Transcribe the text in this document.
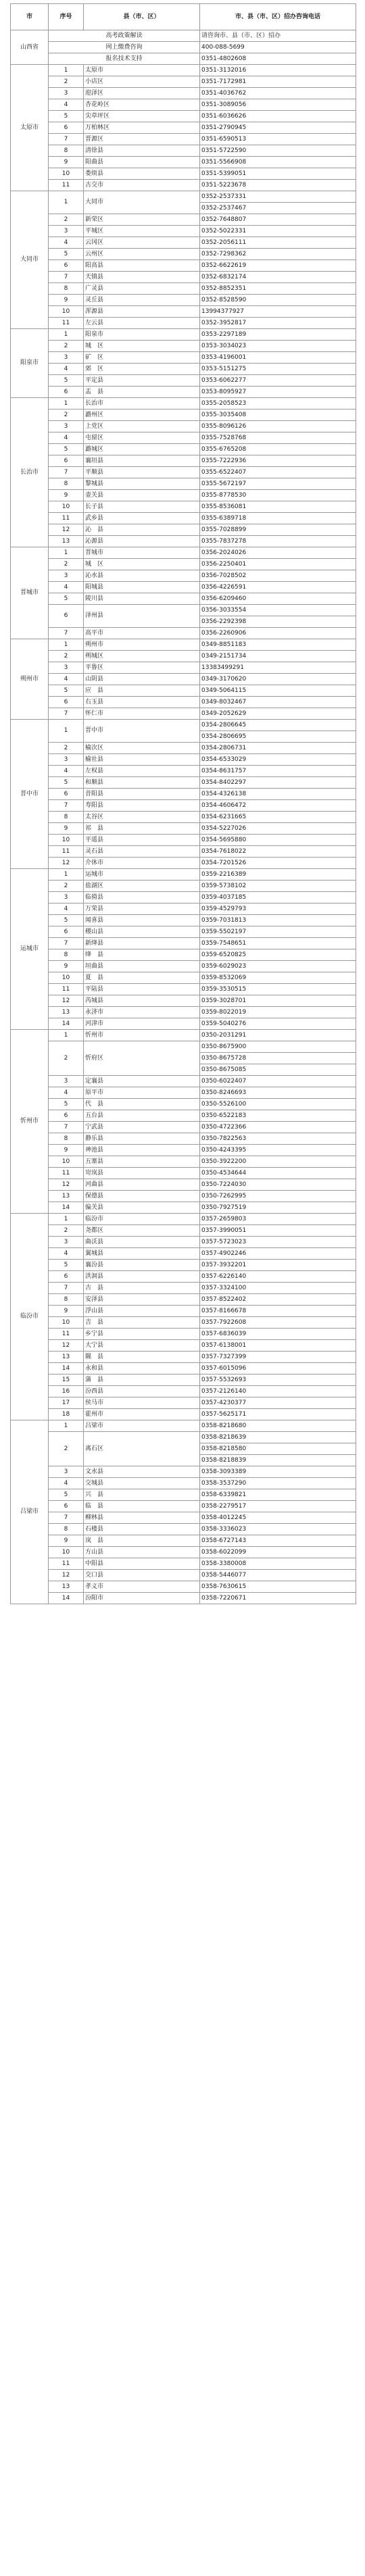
市	序号	县（市、区）	市、县（市、区）招办咨询电话
山西省	高考政策解读		请咨询市、县（市、区）招办
	网上缴费咨询		400-088-5699
	报名技术支持		0351-4802608
太原市	1	太原市	0351-3132016
	2	小店区	0351-7172981
	3	迎泽区	0351-4036762
	4	杏花岭区	0351-3089056
	5	尖草坪区	0351-6036626
	6	万柏林区	0351-2790945
	7	晋源区	0351-6590513
	8	清徐县	0351-5722590
	9	阳曲县	0351-5566908
	10	娄烦县	0351-5399051
	11	古交市	0351-5223678
大同市	1	大同市	0352-2537331
			0352-2537467
	2	新荣区	0352-7648807
	3	平城区	0352-5022331
	4	云冈区	0352-2056111
	5	云州区	0352-7298362
	6	阳高县	0352-6622619
	7	天镇县	0352-6832174
	8	广灵县	0352-8852351
	9	灵丘县	0352-8528590
	10	浑源县	13994377927
	11	左云县	0352-3952817
阳泉市	1	阳泉市	0353-2297189
	2	城　区	0353-3034023
	3	矿　区	0353-4196001
	4	郊　区	0353-5151275
	5	平定县	0353-6062277
	6	盂　县	0353-8095927
长治市	1	长治市	0355-2058523
	2	潞州区	0355-3035408
	3	上党区	0355-8096126
	4	屯留区	0355-7528768
	5	潞城区	0355-6765208
	6	襄垣县	0355-7222936
	7	平顺县	0355-6522407
	8	黎城县	0355-5672197
	9	壶关县	0355-8778530
	10	长子县	0355-8536081
	11	武乡县	0355-6389718
	12	沁　县	0355-7028899
	13	沁源县	0355-7837278
晋城市	1	晋城市	0356-2024026
	2	城　区	0356-2250401
	3	沁水县	0356-7028502
	4	阳城县	0356-4226591
	5	陵川县	0356-6209460
	6	泽州县	0356-3033554
			0356-2292398
	7	高平市	0356-2260906
朔州市	1	朔州市	0349-8851183
	2	朔城区	0349-2151734
	3	平鲁区	13383499291
	4	山阴县	0349-3170620
	5	应　县	0349-5064115
	6	右玉县	0349-8032467
	7	怀仁市	0349-2052629
晋中市	1	晋中市	0354-2806645
			0354-2806695
	2	榆次区	0354-2806731
	3	榆社县	0354-6533029
	4	左权县	0354-8631757
	5	和顺县	0354-8402297
	6	昔阳县	0354-4326138
	7	寿阳县	0354-4606472
	8	太谷区	0354-6231665
	9	祁　县	0354-5227026
	10	平遥县	0354-5695880
	11	灵石县	0354-7618022
	12	介休市	0354-7201526
运城市	1	运城市	0359-2216389
	2	盐湖区	0359-5738102
	3	临猗县	0359-4037185
	4	万荣县	0359-4529793
	5	闻喜县	0359-7031813
	6	稷山县	0359-5502197
	7	新绛县	0359-7548651
	8	绛　县	0359-6520825
	9	垣曲县	0359-6029023
	10	夏　县	0359-8532069
	11	平陆县	0359-3530515
	12	芮城县	0359-3028701
	13	永济市	0359-8022019
	14	河津市	0359-5040276
忻州市	1	忻州市	0350-2031291
	2	忻府区	0350-8675900
			0350-8675728
			0350-8675085
	3	定襄县	0350-6022407
	4	原平市	0350-8246693
	5	代　县	0350-5526100
	6	五台县	0350-6522183
	7	宁武县	0350-4722366
	8	静乐县	0350-7822563
	9	神池县	0350-4243395
	10	五寨县	0350-3922200
	11	岢岚县	0350-4534644
	12	河曲县	0350-7224030
	13	保德县	0350-7262995
	14	偏关县	0350-7927519
临汾市	1	临汾市	0357-2659803
	2	尧都区	0357-3990051
	3	曲沃县	0357-5723023
	4	翼城县	0357-4902246
	5	襄汾县	0357-3932201
	6	洪洞县	0357-6226140
	7	古　县	0357-3324100
	8	安泽县	0357-8522402
	9	浮山县	0357-8166678
	10	吉　县	0357-7922608
	11	乡宁县	0357-6836039
	12	大宁县	0357-6138001
	13	隰　县	0357-7327399
	14	永和县	0357-6015096
	15	蒲　县	0357-5532693
	16	汾西县	0357-2126140
	17	侯马市	0357-4230377
	18	霍州市	0357-5625171
吕梁市	1	吕梁市	0358-8218680
	2	离石区	0358-8218639
			0358-8218580
			0358-8218839
	3	文水县	0358-3093389
	4	交城县	0358-3537290
	5	兴　县	0358-6339821
	6	临　县	0358-2279517
	7	柳林县	0358-4012245
	8	石楼县	0358-3336023
	9	岚　县	0358-6727143
	10	方山县	0358-6022099
	11	中阳县	0358-3380008
	12	交口县	0358-5446077
	13	孝义市	0358-7630615
	14	汾阳市	0358-7220671
